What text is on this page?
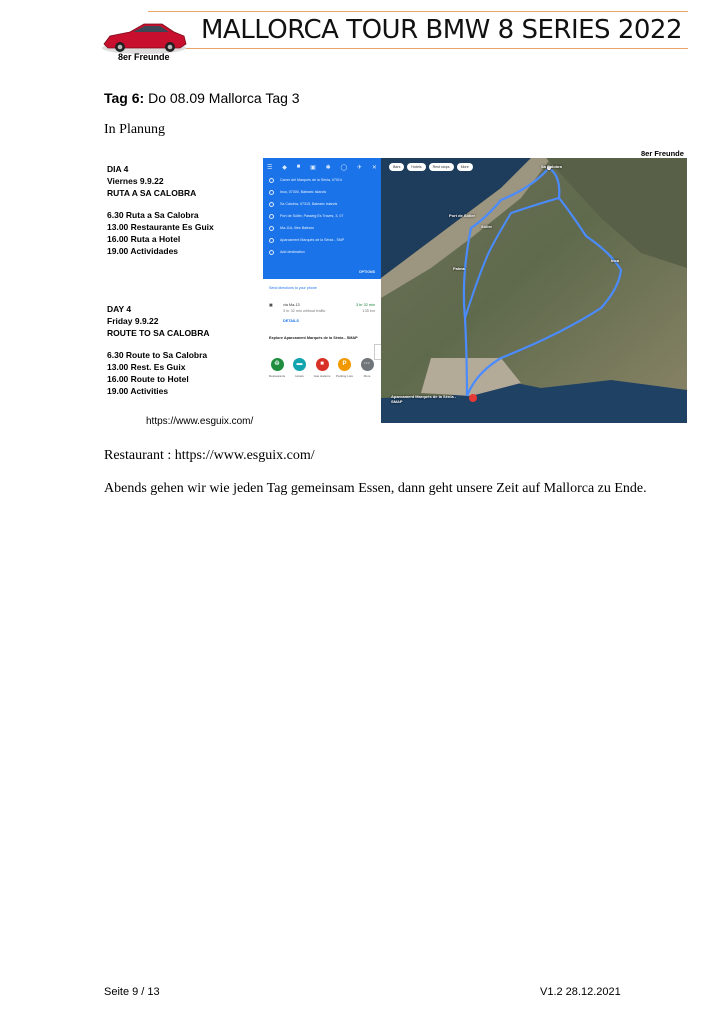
8er Freunde
MALLORCA TOUR BMW 8 SERIES 2022
Tag 6: Do 08.09 Mallorca Tag 3
In Planung
DIA 4
Viernes 9.9.22
RUTA A SA CALOBRA
6.30 Ruta a Sa Calobra
13.00 Restaurante Es Guix
16.00 Ruta a Hotel
19.00 Actividades
DAY 4
Friday 9.9.22
ROUTE TO SA CALOBRA
6.30 Route to Sa Calobra
13.00 Rest. Es Guix
16.00 Route to Hotel
19.00 Activities
https://www.esguix.com/
8er Freunde
☰ ◆ ■ ▣ ✱ ◯ ✈ ✕
Carrer del Marquès de la Sènia, 07014
Inca, 07300, Balearic Islands
Sa Calobra, 07315, Balearic Islands
Port de Sóller, Passeig Es Traves, 3, 07
Ma-11A, Illes Balears
Aparcament Marquès de la Sènia - SMP
Add destination
OPTIONS
Send directions to your phone
■	via Ma-13	3 hr 32 min
3 hr 32 min without traffic	135 km
DETAILS
Explore Aparcament Marquès de la Sènia - SMAP
♲
Restaurants
▬
Hotels
■
Gas stations
P
Parking Lots
···
More
Bars	Hotels	Rest stops	More	Sa Calobra
Port de Sóller
Sóller
Inca
Palma
Aparcament Marquès de la Sènia - SMAP
Restaurant : https://www.esguix.com/
Abends gehen wir wie jeden Tag gemeinsam Essen, dann geht unsere Zeit auf Mallorca zu Ende.
Seite 9 / 13	V1.2 28.12.2021
